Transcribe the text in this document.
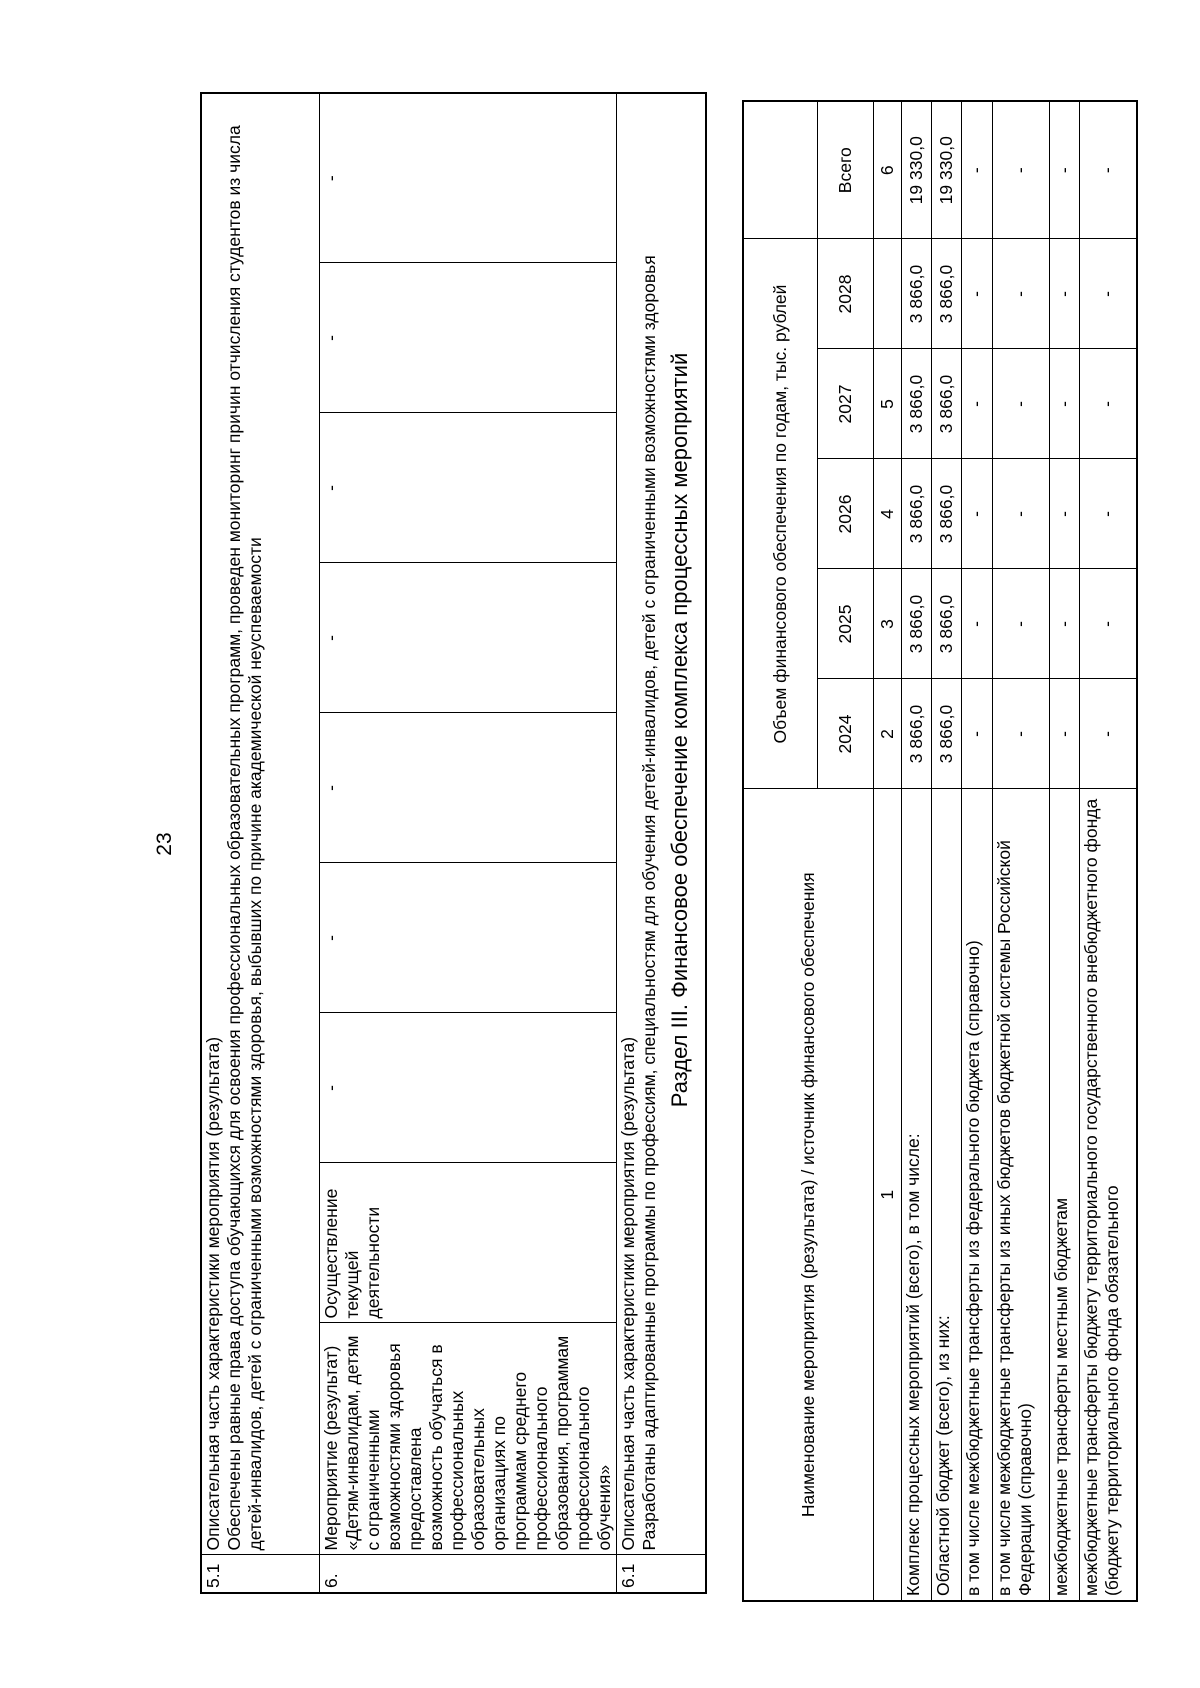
23
5.1	Описательная часть характеристики мероприятия (результата) Обеспечены равные права доступа обучающихся для освоения профессиональных образовательных программ, проведен мониторинг причин отчисления студентов из числа детей-инвалидов, детей с ограниченными возможностями здоровья, выбывших по причине академической неуспеваемости								
6.	Мероприятие (результат) «Детям-инвалидам, детям с ограниченными возможностями здоровья предоставлена возможность обучаться в профессиональных образовательных организациях по программам среднего профессионального образования, программам профессионального обучения»	Осуществление текущей деятельности	-	-	-	-	-	-	-
6.1	Описательная часть характеристики мероприятия (результата) Разработаны адаптированные программы по профессиям, специальностям для обучения детей-инвалидов, детей с ограниченными возможностями здоровья								Раздел III. Финансовое обеспечение комплекса процессных мероприятий
Наименование мероприятия (результата) / источник финансового обеспечения	Объем финансового обеспечения по годам, тыс. рублей					
	2024	2025	2026	2027	2028	Всего
1	2	3	4	5		6
Комплекс процессных мероприятий (всего), в том числе:	3 866,0	3 866,0	3 866,0	3 866,0	3 866,0	19 330,0
Областной бюджет (всего), из них:	3 866,0	3 866,0	3 866,0	3 866,0	3 866,0	19 330,0
в том числе межбюджетные трансферты из федерального бюджета (справочно)	-	-	-	-	-	-
в том числе межбюджетные трансферты из иных бюджетов бюджетной системы Российской Федерации (справочно)	-	-	-	-	-	-
межбюджетные трансферты местным бюджетам	-	-	-	-	-	-
межбюджетные трансферты бюджету территориального государственного внебюджетного фонда (бюджету территориального фонда обязательного	-	-	-	-	-	-
